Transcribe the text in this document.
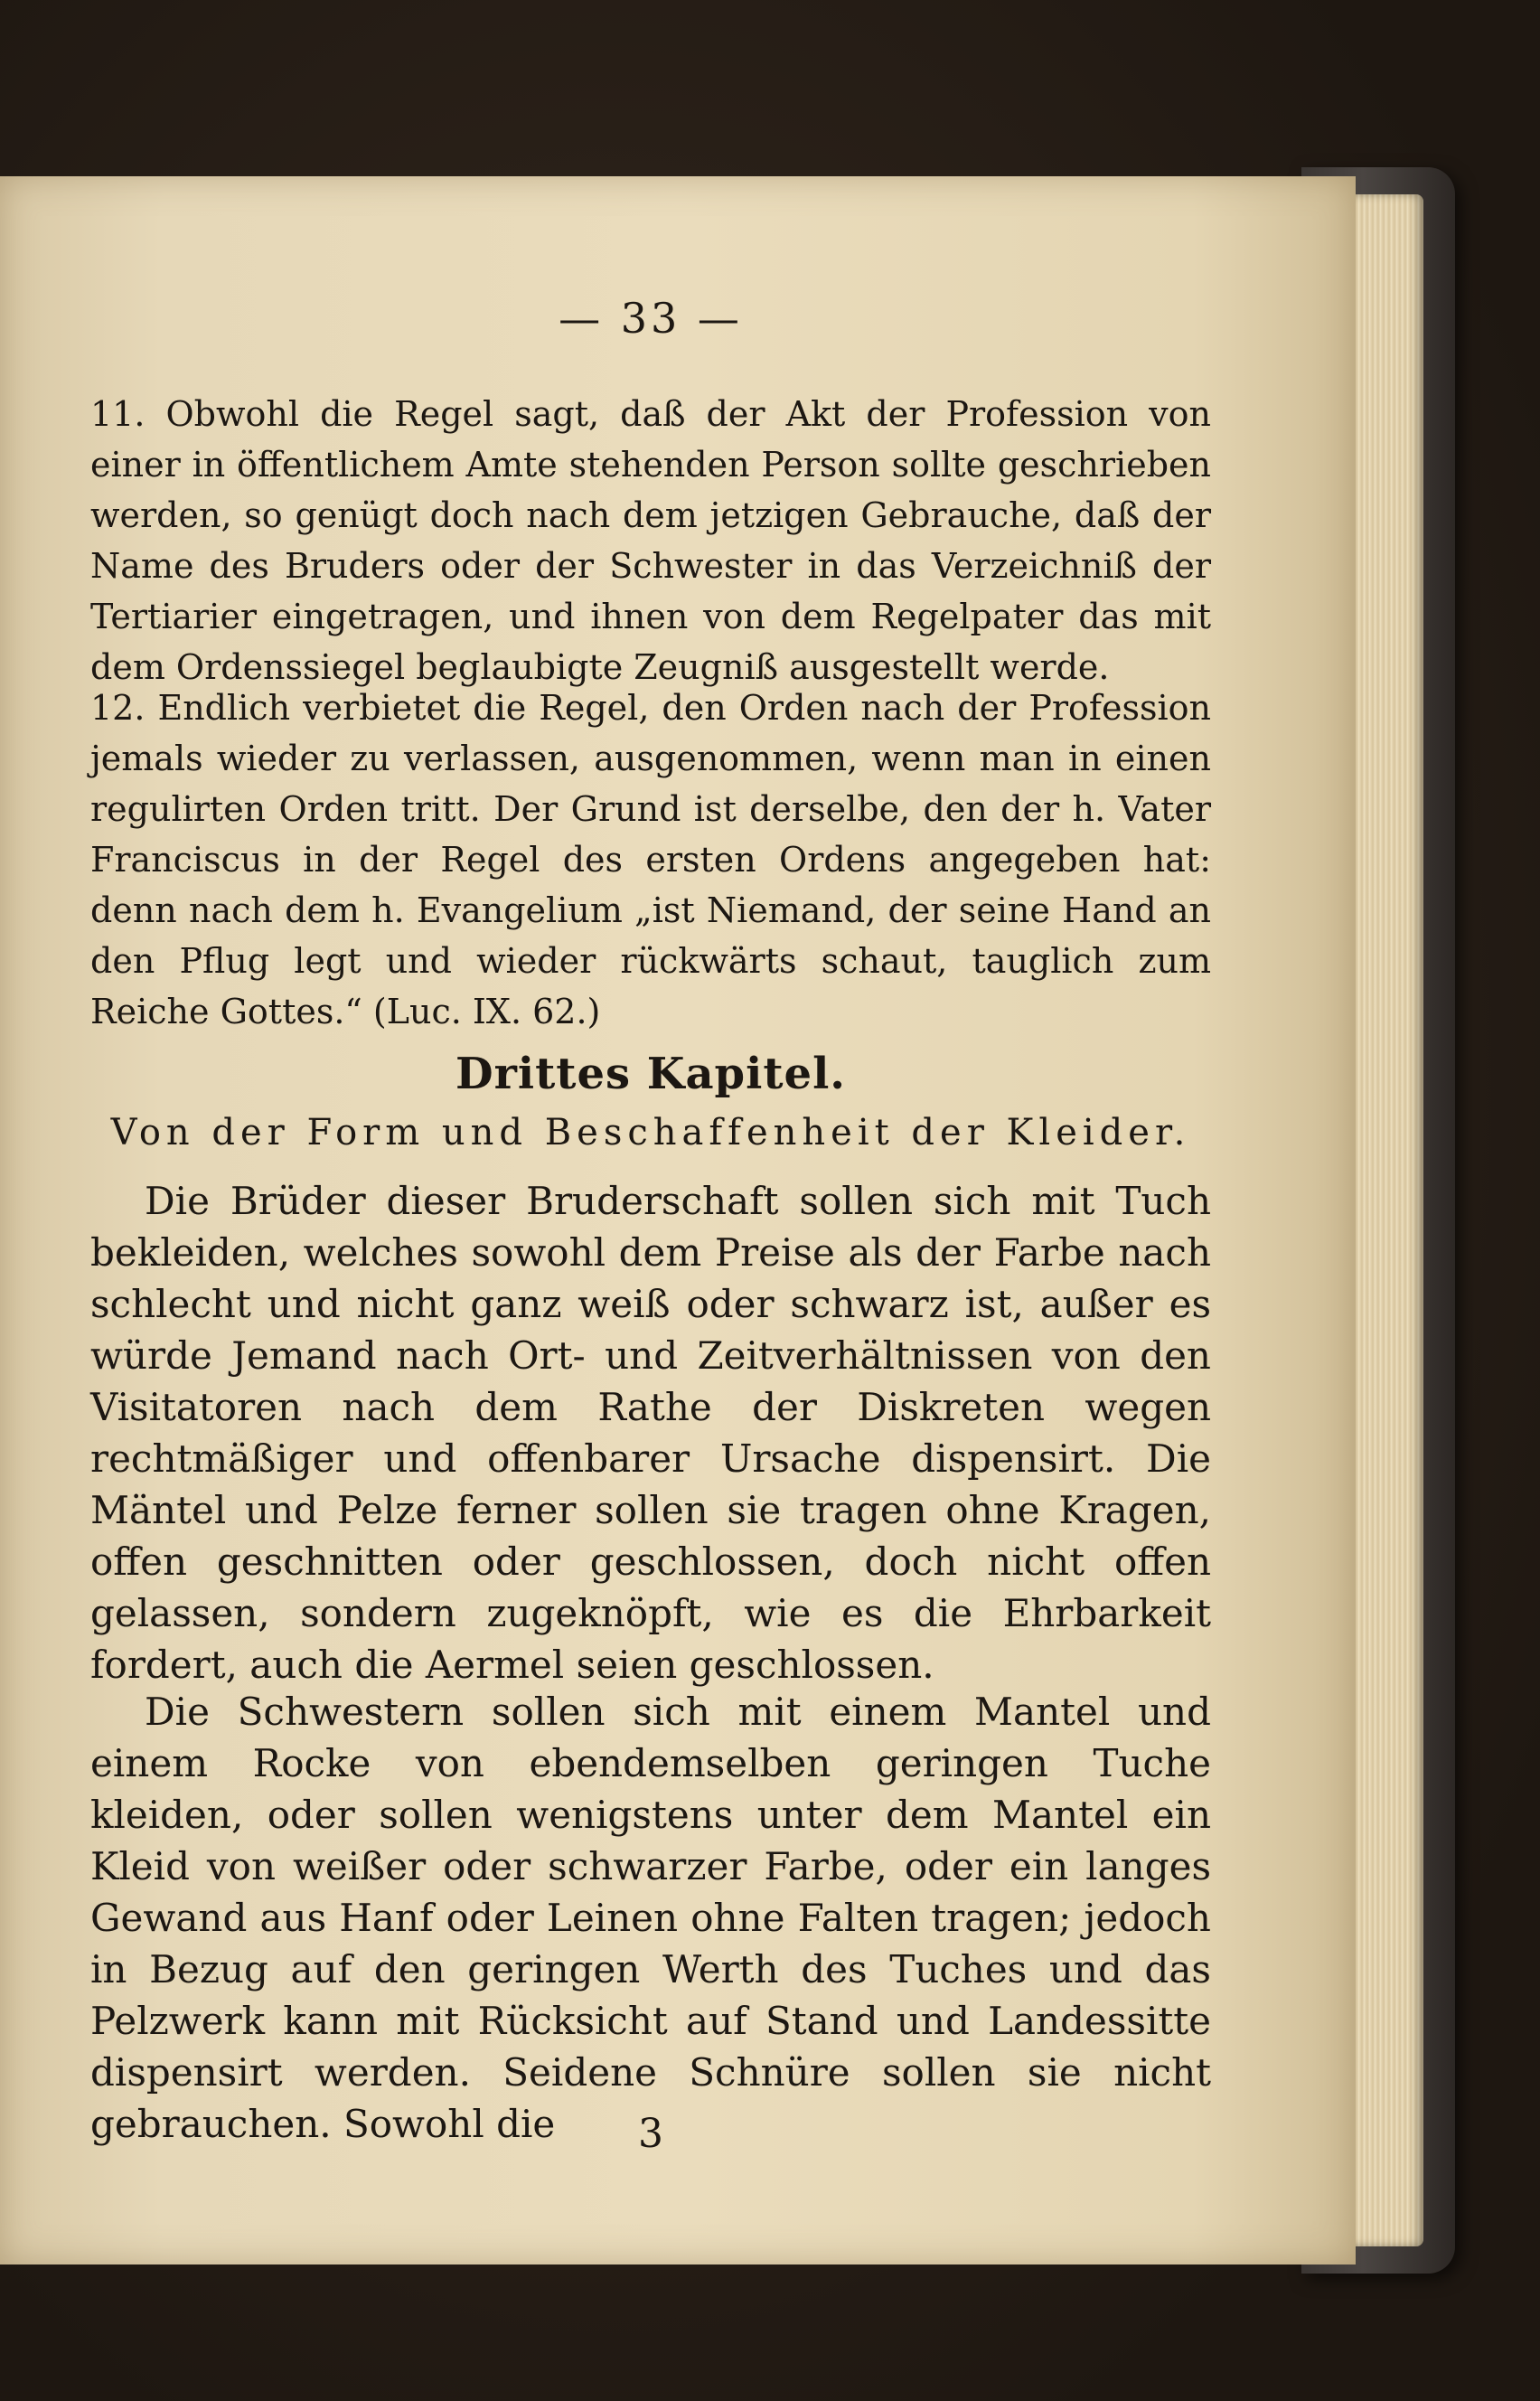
— 33 —
11. Obwohl die Regel sagt, daß der Akt der Profession von einer in öffentlichem Amte stehenden Person sollte geschrieben werden, so genügt doch nach dem jetzigen Gebrauche, daß der Name des Bruders oder der Schwester in das Verzeichniß der Tertiarier eingetragen, und ihnen von dem Regelpater das mit dem Ordenssiegel beglaubigte Zeugniß ausgestellt werde.
12. Endlich verbietet die Regel, den Orden nach der Profession jemals wieder zu verlassen, ausgenommen, wenn man in einen regulirten Orden tritt. Der Grund ist derselbe, den der h. Vater Franciscus in der Regel des ersten Ordens angegeben hat: denn nach dem h. Evangelium „ist Niemand, der seine Hand an den Pflug legt und wieder rückwärts schaut, tauglich zum Reiche Gottes.“ (Luc. IX. 62.)
Drittes Kapitel.
Von der Form und Beschaffenheit der Kleider.
Die Brüder dieser Bruderschaft sollen sich mit Tuch bekleiden, welches sowohl dem Preise als der Farbe nach schlecht und nicht ganz weiß oder schwarz ist, außer es würde Jemand nach Ort- und Zeitverhältnissen von den Visitatoren nach dem Rathe der Diskreten wegen rechtmäßiger und offenbarer Ursache dispensirt. Die Mäntel und Pelze ferner sollen sie tragen ohne Kragen, offen geschnitten oder geschlossen, doch nicht offen gelassen, sondern zugeknöpft, wie es die Ehrbarkeit fordert, auch die Aermel seien geschlossen.
Die Schwestern sollen sich mit einem Mantel und einem Rocke von ebendemselben geringen Tuche kleiden, oder sollen wenigstens unter dem Mantel ein Kleid von weißer oder schwarzer Farbe, oder ein langes Gewand aus Hanf oder Leinen ohne Falten tragen; jedoch in Bezug auf den geringen Werth des Tuches und das Pelzwerk kann mit Rücksicht auf Stand und Landessitte dispensirt werden. Seidene Schnüre sollen sie nicht gebrauchen. Sowohl die	3
